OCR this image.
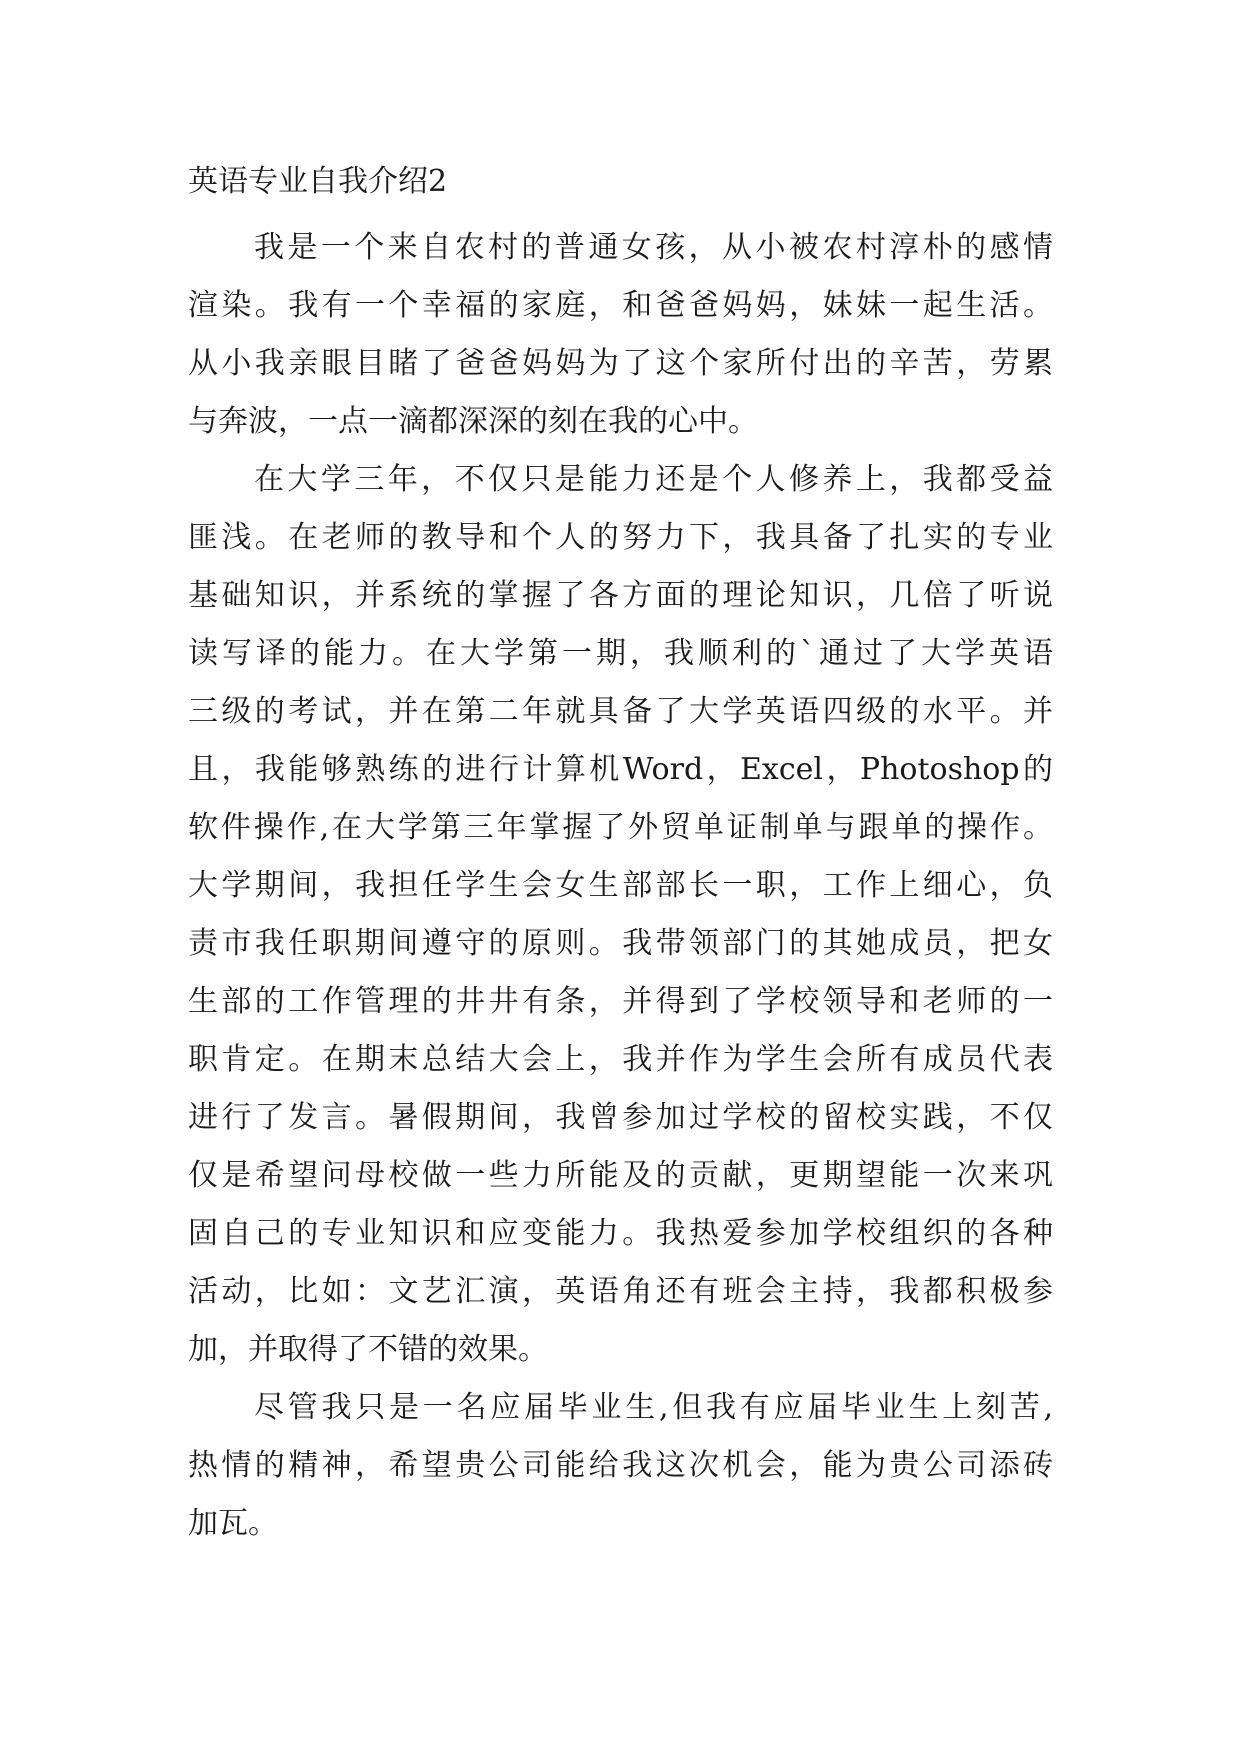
英语专业自我介绍2
我是一个来自农村的普通女孩，从小被农村淳朴的感情
渲染。我有一个幸福的家庭，和爸爸妈妈，妹妹一起生活。
从小我亲眼目睹了爸爸妈妈为了这个家所付出的辛苦，劳累
与奔波，一点一滴都深深的刻在我的心中。
在大学三年，不仅只是能力还是个人修养上，我都受益
匪浅。在老师的教导和个人的努力下，我具备了扎实的专业
基础知识，并系统的掌握了各方面的理论知识，几倍了听说
读写译的能力。在大学第一期，我顺利的`通过了大学英语
三级的考试，并在第二年就具备了大学英语四级的水平。并
且，我能够熟练的进行计算机Word，Excel，Photoshop的
软件操作,在大学第三年掌握了外贸单证制单与跟单的操作。
大学期间，我担任学生会女生部部长一职，工作上细心，负
责市我任职期间遵守的原则。我带领部门的其她成员，把女
生部的工作管理的井井有条，并得到了学校领导和老师的一
职肯定。在期末总结大会上，我并作为学生会所有成员代表
进行了发言。暑假期间，我曾参加过学校的留校实践，不仅
仅是希望问母校做一些力所能及的贡献，更期望能一次来巩
固自己的专业知识和应变能力。我热爱参加学校组织的各种
活动，比如：文艺汇演，英语角还有班会主持，我都积极参
加，并取得了不错的效果。
尽管我只是一名应届毕业生,但我有应届毕业生上刻苦,
热情的精神，希望贵公司能给我这次机会，能为贵公司添砖
加瓦。
